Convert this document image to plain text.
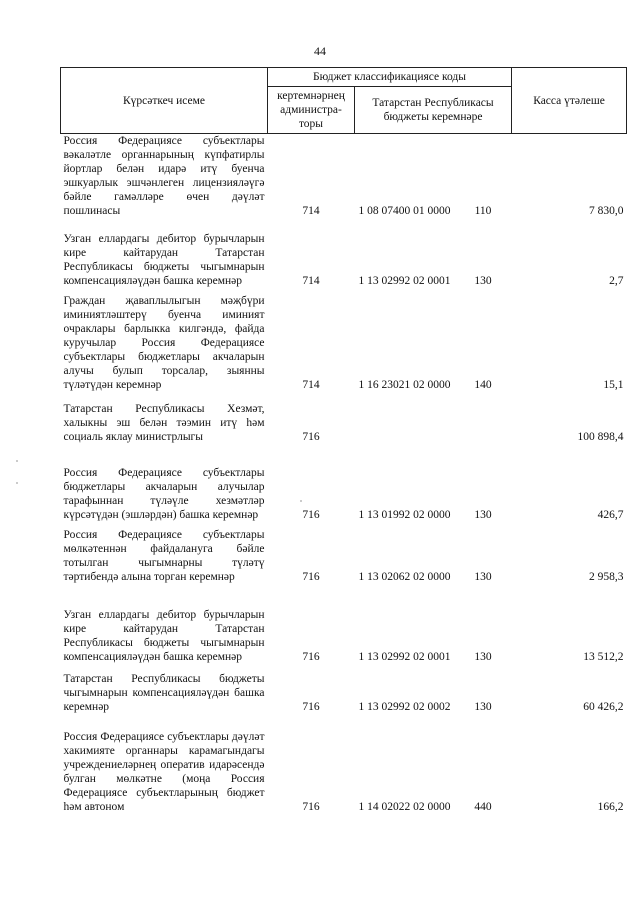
44
Күрсәткеч исеме	Бюджет классификациясе коды			Касса үтәлеше
	кертемнәрнең администра-торы	Татарстан Республикасы бюджеты керемнәре		
Россия Федерациясе субъектлары вәкаләтле органнарының күпфатирлы йортлар белән идарә итү буенча эшкуарлык эшчәнлеген лицензияләүгә бәйле гамәлләре өчен дәүләт пошлинасы	714	1 08 07400 01 0000	110	7 830,0
Узган еллардагы дебитор бурычларын кире кайтарудан Татарстан Республикасы бюджеты чыгымнарын компенсацияләүдән башка керемнәр	714	1 13 02992 02 0001	130	2,7
Граждан җаваплылыгын мәҗбүри иминиятләштерү буенча иминият очраклары барлыкка килгәндә, файда куручылар Россия Федерациясе субъектлары бюджетлары акчаларын алучы булып торсалар, зыянны түләтүдән керемнәр	714	1 16 23021 02 0000	140	15,1
Татарстан Республикасы Хезмәт, халыкны эш белән тәэмин итү һәм социаль яклау министрлыгы	716			100 898,4
Россия Федерациясе субъектлары бюджетлары акчаларын алучылар тарафыннан түләүле хезмәтләр күрсәтүдән (эшләрдән) башка керемнәр	716	1 13 01992 02 0000	130	426,7
Россия Федерациясе субъектлары мөлкәтеннән файдалануга бәйле тотылган чыгымнарны түләтү тәртибендә алына торган керемнәр	716	1 13 02062 02 0000	130	2 958,3
Узган еллардагы дебитор бурычларын кире кайтарудан Татарстан Республикасы бюджеты чыгымнарын компенсацияләүдән башка керемнәр	716	1 13 02992 02 0001	130	13 512,2
Татарстан Республикасы бюджеты чыгымнарын компенсацияләүдән башка керемнәр	716	1 13 02992 02 0002	130	60 426,2
Россия Федерациясе субъектлары дәүләт хакимияте органнары карамагындагы учреждениеләрнең оператив идарәсендә булган мөлкәтне (моңа Россия Федерациясе субъектларының бюджет һәм автоном	716	1 14 02022 02 0000	440	166,2
